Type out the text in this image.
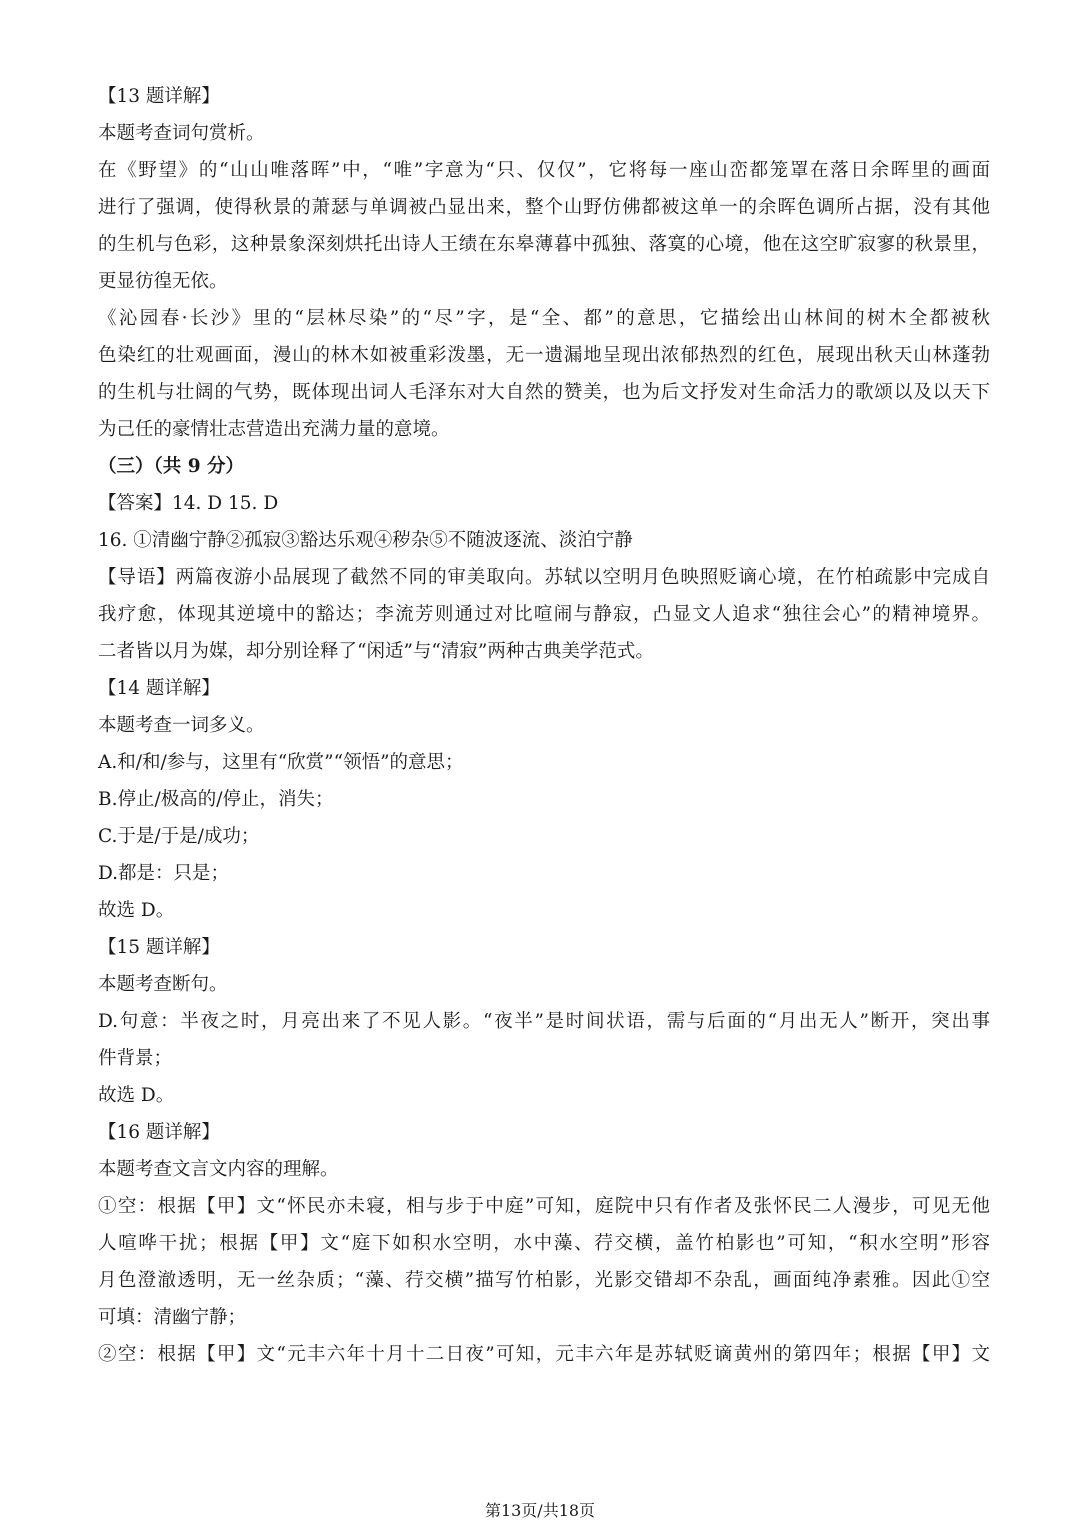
【13 题详解】
本题考查词句赏析。
在《野望》的“山山唯落晖”中，“唯”字意为“只、仅仅”，它将每一座山峦都笼罩在落日余晖里的画面
进行了强调，使得秋景的萧瑟与单调被凸显出来，整个山野仿佛都被这单一的余晖色调所占据，没有其他
的生机与色彩，这种景象深刻烘托出诗人王绩在东皋薄暮中孤独、落寞的心境，他在这空旷寂寥的秋景里，
更显彷徨无依。
《沁园春·长沙》里的“层林尽染”的“尽”字，是“全、都”的意思，它描绘出山林间的树木全都被秋
色染红的壮观画面，漫山的林木如被重彩泼墨，无一遗漏地呈现出浓郁热烈的红色，展现出秋天山林蓬勃
的生机与壮阔的气势，既体现出词人毛泽东对大自然的赞美，也为后文抒发对生命活力的歌颂以及以天下
为己任的豪情壮志营造出充满力量的意境。
（三）（共 9 分）
【答案】14. D 15. D
16. ①清幽宁静②孤寂③豁达乐观④秽杂⑤不随波逐流、淡泊宁静
【导语】两篇夜游小品展现了截然不同的审美取向。苏轼以空明月色映照贬谪心境，在竹柏疏影中完成自
我疗愈，体现其逆境中的豁达；李流芳则通过对比喧闹与静寂，凸显文人追求“独往会心”的精神境界。
二者皆以月为媒，却分别诠释了“闲适”与“清寂”两种古典美学范式。
【14 题详解】
本题考查一词多义。
A.和/和/参与，这里有“欣赏”“领悟”的意思；
B.停止/极高的/停止，消失；
C.于是/于是/成功；
D.都是：只是；
故选 D。
【15 题详解】
本题考查断句。
D.句意：半夜之时，月亮出来了不见人影。“夜半”是时间状语，需与后面的“月出无人”断开，突出事
件背景；
故选 D。
【16 题详解】
本题考查文言文内容的理解。
①空：根据【甲】文“怀民亦未寝，相与步于中庭”可知，庭院中只有作者及张怀民二人漫步，可见无他
人喧哗干扰；根据【甲】文“庭下如积水空明，水中藻、荇交横，盖竹柏影也”可知，“积水空明”形容
月色澄澈透明，无一丝杂质；“藻、荇交横”描写竹柏影，光影交错却不杂乱，画面纯净素雅。因此①空
可填：清幽宁静；
②空：根据【甲】文“元丰六年十月十二日夜”可知，元丰六年是苏轼贬谪黄州的第四年；根据【甲】文
第13页/共18页
